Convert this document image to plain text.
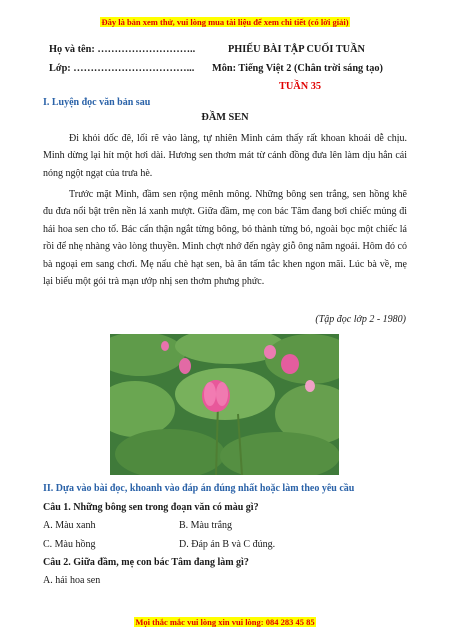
Đây là bản xem thử, vui lòng mua tài liệu để xem chi tiết (có lời giải)
Họ và tên: ………………………..	PHIẾU BÀI TẬP CUỐI TUẦN
Lớp: ……………………………... Môn: Tiếng Việt 2 (Chân trời sáng tạo)
TUẦN 35
I. Luyện đọc văn bản sau
ĐẦM SEN

Đi khỏi dốc đê, lối rẽ vào làng, tự nhiên Minh cảm thấy rất khoan khoái dễ chịu. Minh dừng lại hít một hơi dài. Hương sen thơm mát từ cánh đồng đưa lên làm dịu hẳn cái nóng ngột ngạt của trưa hè.

Trước mặt Minh, đầm sen rộng mênh mông. Những bông sen trắng, sen hồng khẽ đu đưa nổi bật trên nền lá xanh mượt. Giữa đầm, mẹ con bác Tâm đang bơi chiếc mủng đi hái hoa sen cho tổ. Bác cẩn thận ngắt từng bông, bó thành từng bó, ngoài bọc một chiếc lá rồi để nhẹ nhàng vào lòng thuyền. Minh chợt nhớ đến ngày giỗ ông năm ngoái. Hôm đó có bà ngoại em sang chơi. Mẹ nấu chè hạt sen, bà ăn tấm tắc khen ngon mãi. Lúc bà về, mẹ lại biếu một gói trà mạn ướp nhị sen thơm phưng phức.

(Tập đọc lớp 2 - 1980)
II. Dựa vào bài đọc, khoanh vào đáp án đúng nhất hoặc làm theo yêu cầu
Câu 1. Những bông sen trong đoạn văn có màu gì?
A. Màu xanh	B. Màu trắng
C. Màu hồng	D. Đáp án B và C đúng.
Câu 2. Giữa đầm, mẹ con bác Tâm đang làm gì?
A. hái hoa sen
Mọi thắc mắc vui lòng xin vui lòng: 084 283 45 85
